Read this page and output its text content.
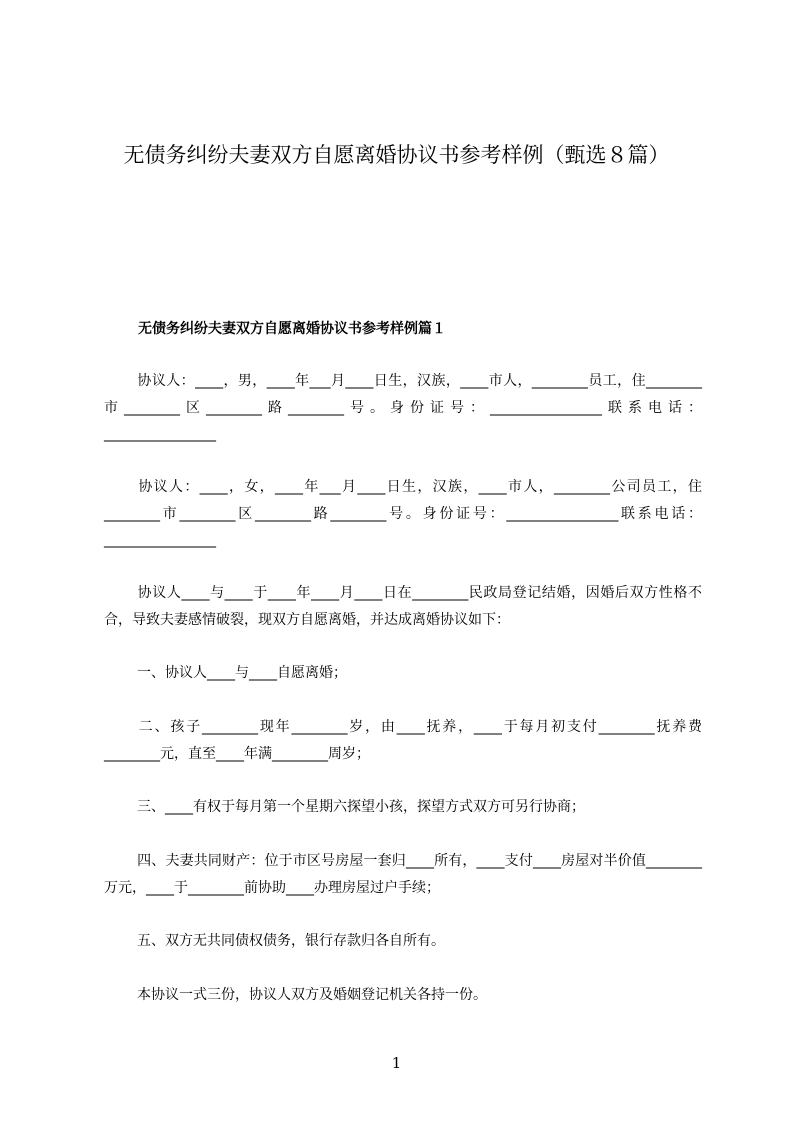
无债务纠纷夫妻双方自愿离婚协议书参考样例（甄选８篇）

无债务纠纷夫妻双方自愿离婚协议书参考样例篇１

协议人：____，男，____年___月____日生，汉族，____市人，________员工，住________市________区________路________号。身份证号：________________联系电话：________________

协议人：____，女，____年___月____日生，汉族，____市人，________公司员工，住________市________区________路________号。身份证号：________________联系电话：________________

协议人____与____于____年____月____日在________民政局登记结婚，因婚后双方性格不合，导致夫妻感情破裂，现双方自愿离婚，并达成离婚协议如下：

一、协议人____与____自愿离婚；

二、孩子________现年________岁，由____抚养，____于每月初支付________抚养费________元，直至____年满________周岁；

三、____有权于每月第一个星期六探望小孩，探望方式双方可另行协商；

四、夫妻共同财产：位于市区号房屋一套归____所有，____支付____房屋对半价值________万元，____于________前协助____办理房屋过户手续；

五、双方无共同债权债务，银行存款归各自所有。

本协议一式三份，协议人双方及婚姻登记机关各持一份。

1
